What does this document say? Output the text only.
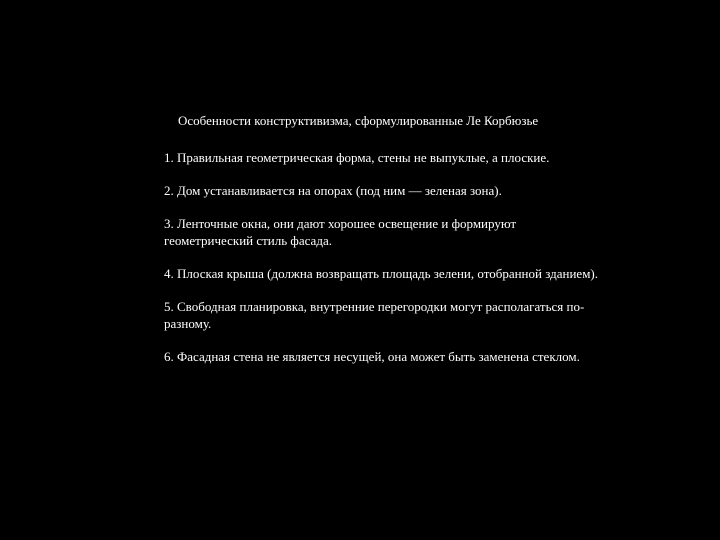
Особенности конструктивизма, сформулированные Ле Корбюзье
1. Правильная геометрическая форма, стены не выпуклые, а плоские.
2. Дом устанавливается на опорах (под ним — зеленая зона).
3. Ленточные окна, они дают хорошее освещение и формируют геометрический стиль фасада.
4. Плоская крыша (должна возвращать площадь зелени, отобранной зданием).
5. Свободная планировка, внутренние перегородки могут располагаться по-разному.
6. Фасадная стена не является несущей, она может быть заменена стеклом.
